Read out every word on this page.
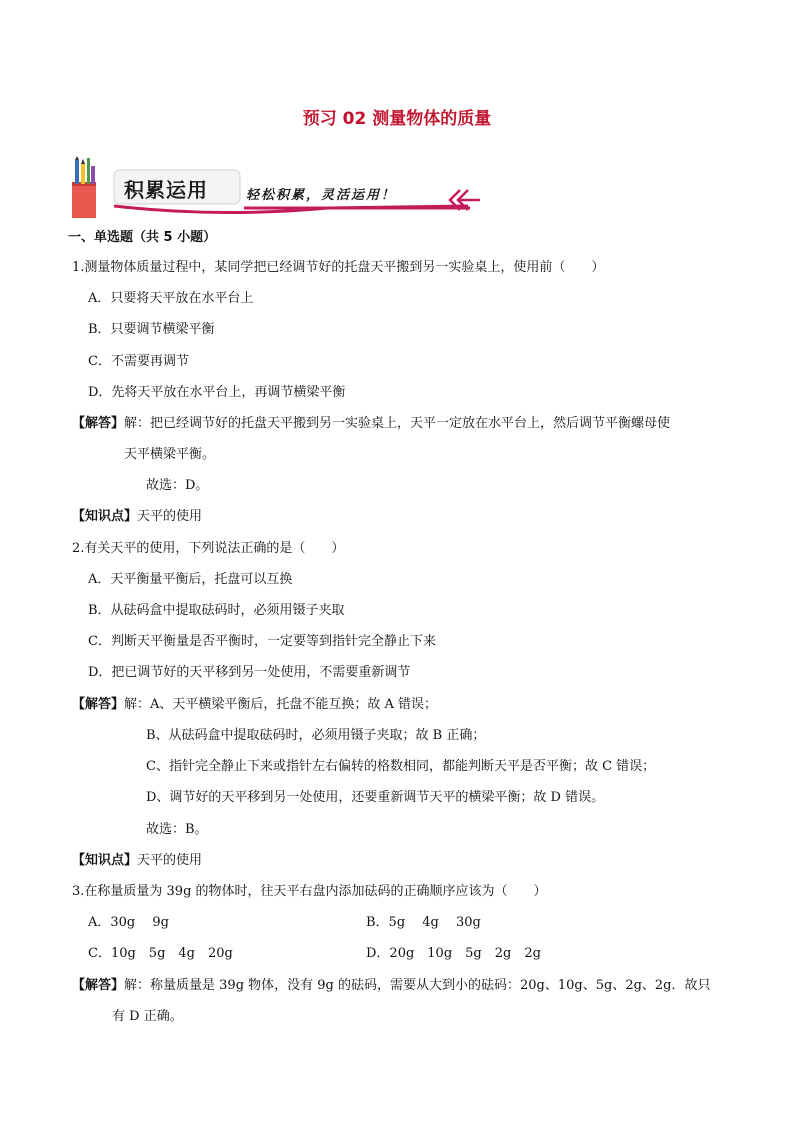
预习 02 测量物体的质量
积累运用	轻松积累，灵活运用！
一、单选题（共 5 小题）
1.测量物体质量过程中，某同学把已经调节好的托盘天平搬到另一实验桌上，使用前（　　）
A．只要将天平放在水平台上
B．只要调节横梁平衡
C．不需要再调节
D．先将天平放在水平台上，再调节横梁平衡
【解答】解：把已经调节好的托盘天平搬到另一实验桌上，天平一定放在水平台上，然后调节平衡螺母使
天平横梁平衡。
故选：D。
【知识点】天平的使用
2.有关天平的使用，下列说法正确的是（　　）
A．天平衡量平衡后，托盘可以互换
B．从砝码盒中提取砝码时，必须用镊子夹取
C．判断天平衡量是否平衡时，一定要等到指针完全静止下来
D．把已调节好的天平移到另一处使用，不需要重新调节
【解答】解：A、天平横梁平衡后，托盘不能互换；故 A 错误；
B、从砝码盒中提取砝码时，必须用镊子夹取；故 B 正确；
C、指针完全静止下来或指针左右偏转的格数相同，都能判断天平是否平衡；故 C 错误；
D、调节好的天平移到另一处使用，还要重新调节天平的横梁平衡；故 D 错误。
故选：B。
【知识点】天平的使用
3.在称量质量为 39g 的物体时，往天平右盘内添加砝码的正确顺序应该为（　　）
A．30g　 9g	B．5g　 4g　 30g
C．10g　5g　4g　20g	D．20g　10g　5g　2g　2g
【解答】解：称量质量是 39g 物体，没有 9g 的砝码，需要从大到小的砝码：20g、10g、5g、2g、2g．故只
有 D 正确。
